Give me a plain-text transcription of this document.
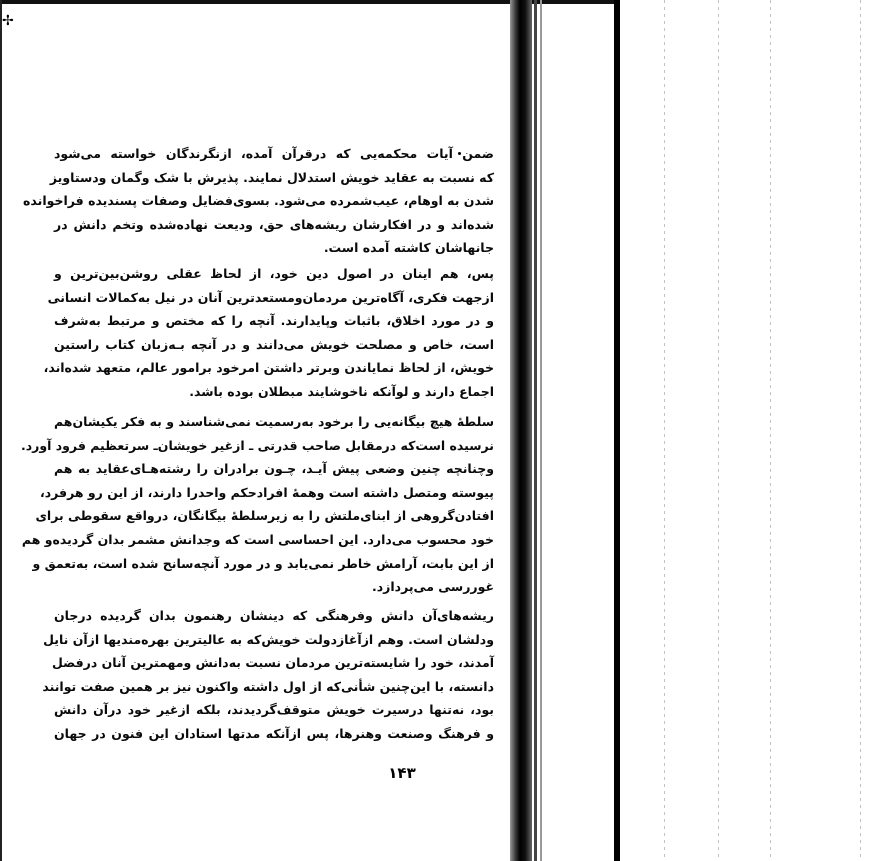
✢

ضمن آیات محکمه‌یی که درقرآن آمده، ازنگرندگان خواسته می‌شود
که نسبت به عقاید خویش استدلال نمایند. پذیرش با شک وگمان ودستاویز
شدن به اوهام، عیب‌شمرده می‌شود. بسوی‌فضایل وصفات پسندیده فراخوانده
شده‌اند و در افکارشان ریشه‌های حق، ودیعت نهاده‌شده وتخم دانش در
جانهاشان کاشته آمده است.

پس، هم اینان در اصول دین خود، از لحاظ عقلی روشن‌بین‌ترین و
ازجهت فکری، آگاه‌ترین مردمان‌ومستعدترین آنان در نیل به‌کمالات انسانی
و در مورد اخلاق، باثبات وپایدارند. آنچه را که مختص و مرتبط به‌شرف
است، خاص و مصلحت خویش می‌دانند و در آنچه بـه‌زبان کتاب راستین
خویش، از لحاظ نمایاندن وبرتر داشتن امرخود برامور عالم، متعهد شده‌اند،
اجماع دارند و لوآنکه ناخوشایند مبطلان بوده باشد.

سلطهٔ هیچ بیگانه‌یی را برخود به‌رسمیت نمی‌شناسند و به فکر یکیشان‌هم
نرسیده است‌که درمقابل صاحب قدرتی ـ ازغیر خویشان‌ـ سرتعظیم فرود آورد.
وچنانچه چنین وضعی پیش آیـد، چـون برادران را رشته‌هـای‌عقاید به هم
پیوسته ومتصل داشته است وهمهٔ افرادحکم واحدرا دارند، از این رو هرفرد،
افتادن‌گروهی از ابنای‌ملتش را به زیرسلطهٔ بیگانگان، درواقع سقوطی برای
خود محسوب می‌دارد. این احساسی است که وجدانش مشمر بدان گردیده‌و هم
از این بابت، آرامش خاطر نمی‌یابد و در مورد آنچه‌سانح شده است، به‌تعمق و
غوررسی می‌پردازد.

ریشه‌های‌آن دانش وفرهنگی که دینشان رهنمون بدان گردیده درجان
ودلشان است. وهم ازآغازدولت خویش‌که به عالیترین بهره‌مندیها ازآن نایل
آمدند، خود را شایسته‌ترین مردمان نسبت به‌دانش ومهمترین آنان درفضل
دانسته، با این‌چنین شأنی‌که از اول داشته واکنون نیز بر همین صفت توانند
بود، نه‌تنها درسیرت خویش متوقف‌گردیدند، بلکه ازغیر خود درآن دانش
و فرهنگ وصنعت وهنرها، پس ازآنکه مدتها استادان این فنون در جهان

۱۴۳
